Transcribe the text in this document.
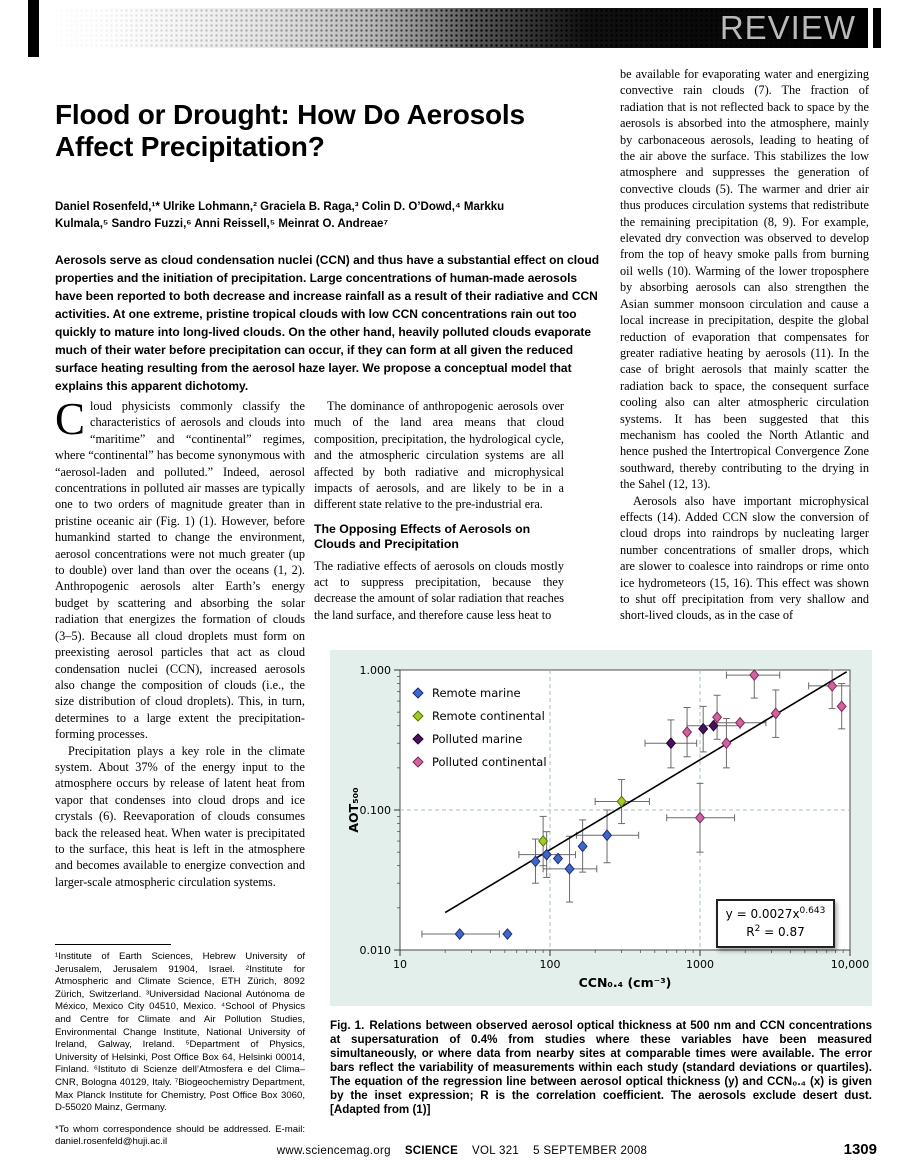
REVIEW
Flood or Drought: How Do Aerosols Affect Precipitation?
Daniel Rosenfeld,¹* Ulrike Lohmann,² Graciela B. Raga,³ Colin D. O’Dowd,⁴ Markku Kulmala,⁵ Sandro Fuzzi,⁶ Anni Reissell,⁵ Meinrat O. Andreae⁷
Aerosols serve as cloud condensation nuclei (CCN) and thus have a substantial effect on cloud properties and the initiation of precipitation. Large concentrations of human-made aerosols have been reported to both decrease and increase rainfall as a result of their radiative and CCN activities. At one extreme, pristine tropical clouds with low CCN concentrations rain out too quickly to mature into long-lived clouds. On the other hand, heavily polluted clouds evaporate much of their water before precipitation can occur, if they can form at all given the reduced surface heating resulting from the aerosol haze layer. We propose a conceptual model that explains this apparent dichotomy.

Cloud physicists commonly classify the characteristics of aerosols and clouds into “maritime” and “continental” regimes, where “continental” has become synonymous with “aerosol-laden and polluted.” Indeed, aerosol concentrations in polluted air masses are typically one to two orders of magnitude greater than in pristine oceanic air (Fig. 1) (1). However, before humankind started to change the environment, aerosol concentrations were not much greater (up to double) over land than over the oceans (1, 2). Anthropogenic aerosols alter Earth’s energy budget by scattering and absorbing the solar radiation that energizes the formation of clouds (3–5). Because all cloud droplets must form on preexisting aerosol particles that act as cloud condensation nuclei (CCN), increased aerosols also change the composition of clouds (i.e., the size distribution of cloud droplets). This, in turn, determines to a large extent the precipitation-forming processes.

Precipitation plays a key role in the climate system. About 37% of the energy input to the atmosphere occurs by release of latent heat from vapor that condenses into cloud drops and ice crystals (6). Reevaporation of clouds consumes back the released heat. When water is precipitated to the surface, this heat is left in the atmosphere and becomes available to energize convection and larger-scale atmospheric circulation systems.

The dominance of anthropogenic aerosols over much of the land area means that cloud composition, precipitation, the hydrological cycle, and the atmospheric circulation systems are all affected by both radiative and microphysical impacts of aerosols, and are likely to be in a different state relative to the pre-industrial era.

The Opposing Effects of Aerosols on Clouds and Precipitation

The radiative effects of aerosols on clouds mostly act to suppress precipitation, because they decrease the amount of solar radiation that reaches the land surface, and therefore cause less heat to

be available for evaporating water and energizing convective rain clouds (7). The fraction of radiation that is not reflected back to space by the aerosols is absorbed into the atmosphere, mainly by carbonaceous aerosols, leading to heating of the air above the surface. This stabilizes the low atmosphere and suppresses the generation of convective clouds (5). The warmer and drier air thus produces circulation systems that redistribute the remaining precipitation (8, 9). For example, elevated dry convection was observed to develop from the top of heavy smoke palls from burning oil wells (10). Warming of the lower troposphere by absorbing aerosols can also strengthen the Asian summer monsoon circulation and cause a local increase in precipitation, despite the global reduction of evaporation that compensates for greater radiative heating by aerosols (11). In the case of bright aerosols that mainly scatter the radiation back to space, the consequent surface cooling also can alter atmospheric circulation systems. It has been suggested that this mechanism has cooled the North Atlantic and hence pushed the Intertropical Convergence Zone southward, thereby contributing to the drying in the Sahel (12, 13).

Aerosols also have important microphysical effects (14). Added CCN slow the conversion of cloud drops into raindrops by nucleating larger number concentrations of smaller drops, which are slower to coalesce into raindrops or rime onto ice hydrometeors (15, 16). This effect was shown to shut off precipitation from very shallow and short-lived clouds, as in the case of

¹Institute of Earth Sciences, Hebrew University of Jerusalem, Jerusalem 91904, Israel. ²Institute for Atmospheric and Climate Science, ETH Zürich, 8092 Zürich, Switzerland. ³Universidad Nacional Autónoma de México, Mexico City 04510, Mexico. ⁴School of Physics and Centre for Climate and Air Pollution Studies, Environmental Change Institute, National University of Ireland, Galway, Ireland. ⁵Department of Physics, University of Helsinki, Post Office Box 64, Helsinki 00014, Finland. ⁶Istituto di Scienze dell’Atmosfera e del Clima–CNR, Bologna 40129, Italy. ⁷Biogeochemistry Department, Max Planck Institute for Chemistry, Post Office Box 3060, D-55020 Mainz, Germany.

*To whom correspondence should be addressed. E-mail: daniel.rosenfeld@huji.ac.il

10	100	1000	10,000
0.010
0.100
1.000
CCN₀.₄ (cm⁻³)
AOT₅₀₀
Remote marine
Remote continental
Polluted marine
Polluted continental
$y = 0.0027x^{0.643}$
$R^2 = 0.87$
Fig. 1. Relations between observed aerosol optical thickness at 500 nm and CCN concentrations at supersaturation of 0.4% from studies where these variables have been measured simultaneously, or where data from nearby sites at comparable times were available. The error bars reflect the variability of measurements within each study (standard deviations or quartiles). The equation of the regression line between aerosol optical thickness (y) and CCN₀.₄ (x) is given by the inset expression; R is the correlation coefficient. The aerosols exclude desert dust. [Adapted from (1)]
www.sciencemag.org SCIENCE VOL 321 5 SEPTEMBER 2008	1309
